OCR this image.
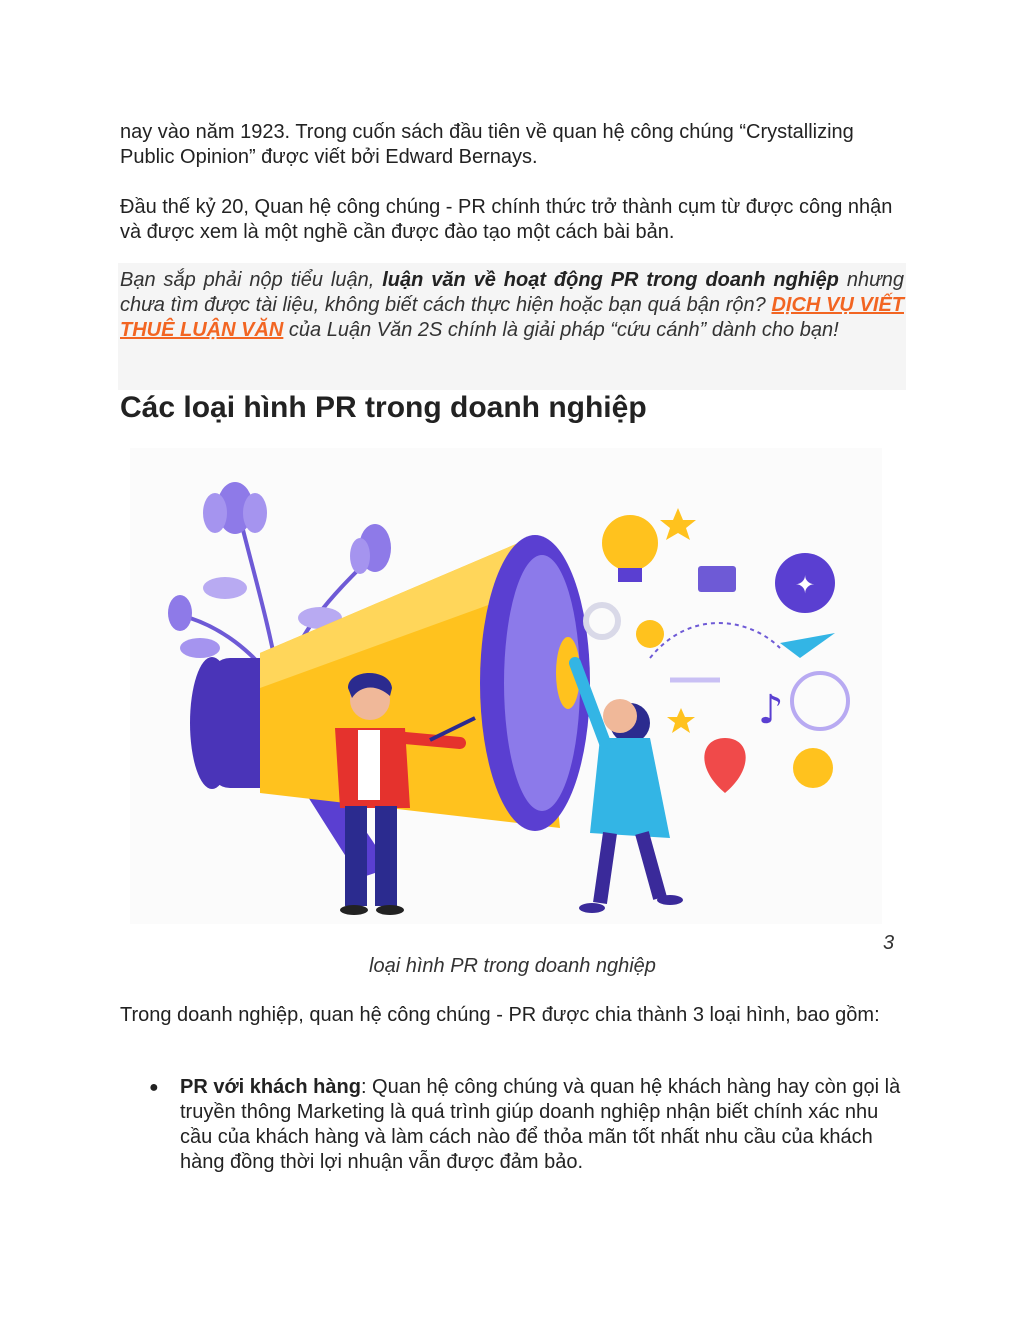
nay vào năm 1923. Trong cuốn sách đầu tiên về quan hệ công chúng “Crystallizing Public Opinion” được viết bởi Edward Bernays.

Đầu thế kỷ 20, Quan hệ công chúng - PR chính thức trở thành cụm từ được công nhận và được xem là một nghề cần được đào tạo một cách bài bản.

Bạn sắp phải nộp tiểu luận, luận văn về hoạt động PR trong doanh nghiệp nhưng chưa tìm được tài liệu, không biết cách thực hiện hoặc bạn quá bận rộn? DỊCH VỤ VIẾT THUÊ LUẬN VĂN của Luận Văn 2S chính là giải pháp “cứu cánh” dành cho bạn!

Các loại hình PR trong doanh nghiệp
✦
♪
3
loại hình PR trong doanh nghiệp

Trong doanh nghiệp, quan hệ công chúng - PR được chia thành 3 loại hình, bao gồm:

● PR với khách hàng: Quan hệ công chúng và quan hệ khách hàng hay còn gọi là truyền thông Marketing là quá trình giúp doanh nghiệp nhận biết chính xác nhu cầu của khách hàng và làm cách nào để thỏa mãn tốt nhất nhu cầu của khách hàng đồng thời lợi nhuận vẫn được đảm bảo.
